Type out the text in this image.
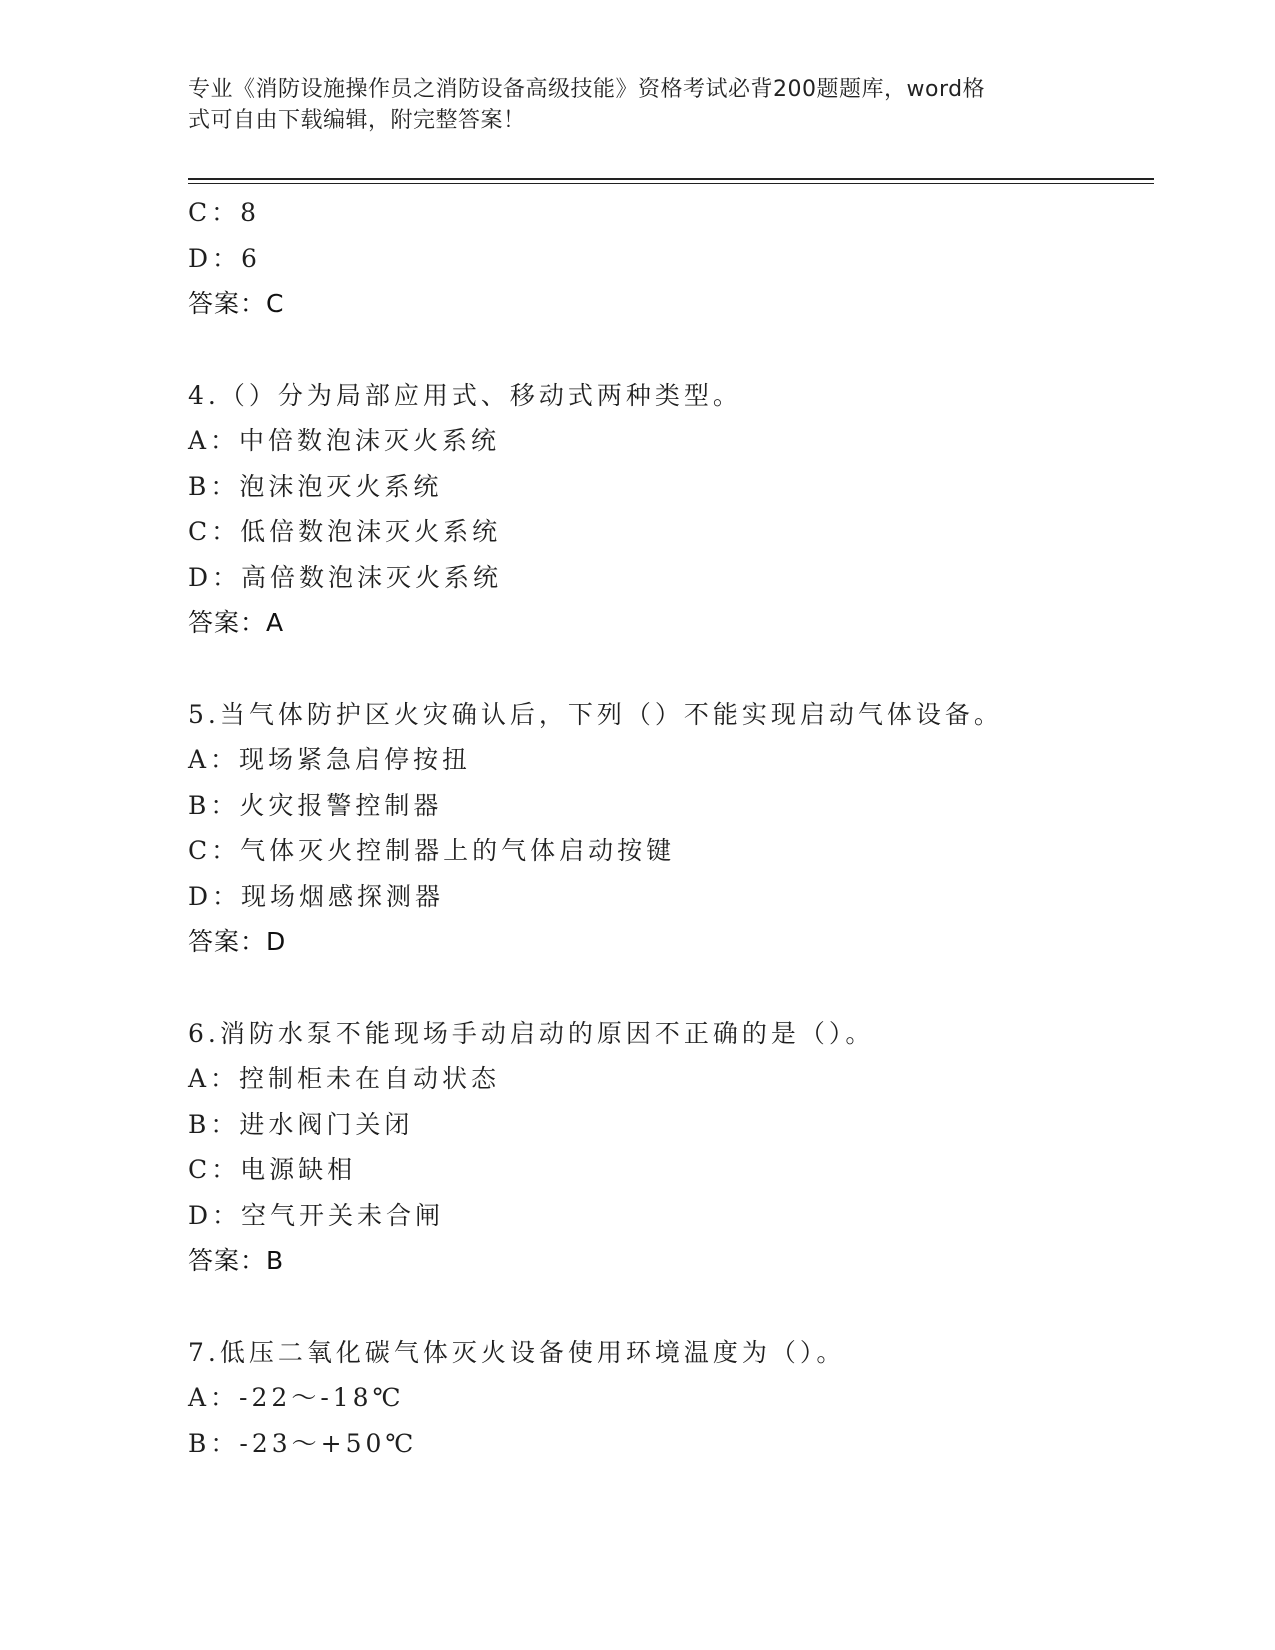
专业《消防设施操作员之消防设备高级技能》资格考试必背200题题库，word格
式可自由下载编辑，附完整答案！
C：8
D：6
答案：C
4.（）分为局部应用式、移动式两种类型。
A：中倍数泡沫灭火系统
B：泡沫泡灭火系统
C：低倍数泡沫灭火系统
D：高倍数泡沫灭火系统
答案：A
5.当气体防护区火灾确认后，下列（）不能实现启动气体设备。
A：现场紧急启停按扭
B：火灾报警控制器
C：气体灭火控制器上的气体启动按键
D：现场烟感探测器
答案：D
6.消防水泵不能现场手动启动的原因不正确的是（）。
A：控制柜未在自动状态
B：进水阀门关闭
C：电源缺相
D：空气开关未合闸
答案：B
7.低压二氧化碳气体灭火设备使用环境温度为（）。
A：-22～-18℃
B：-23～+50℃
